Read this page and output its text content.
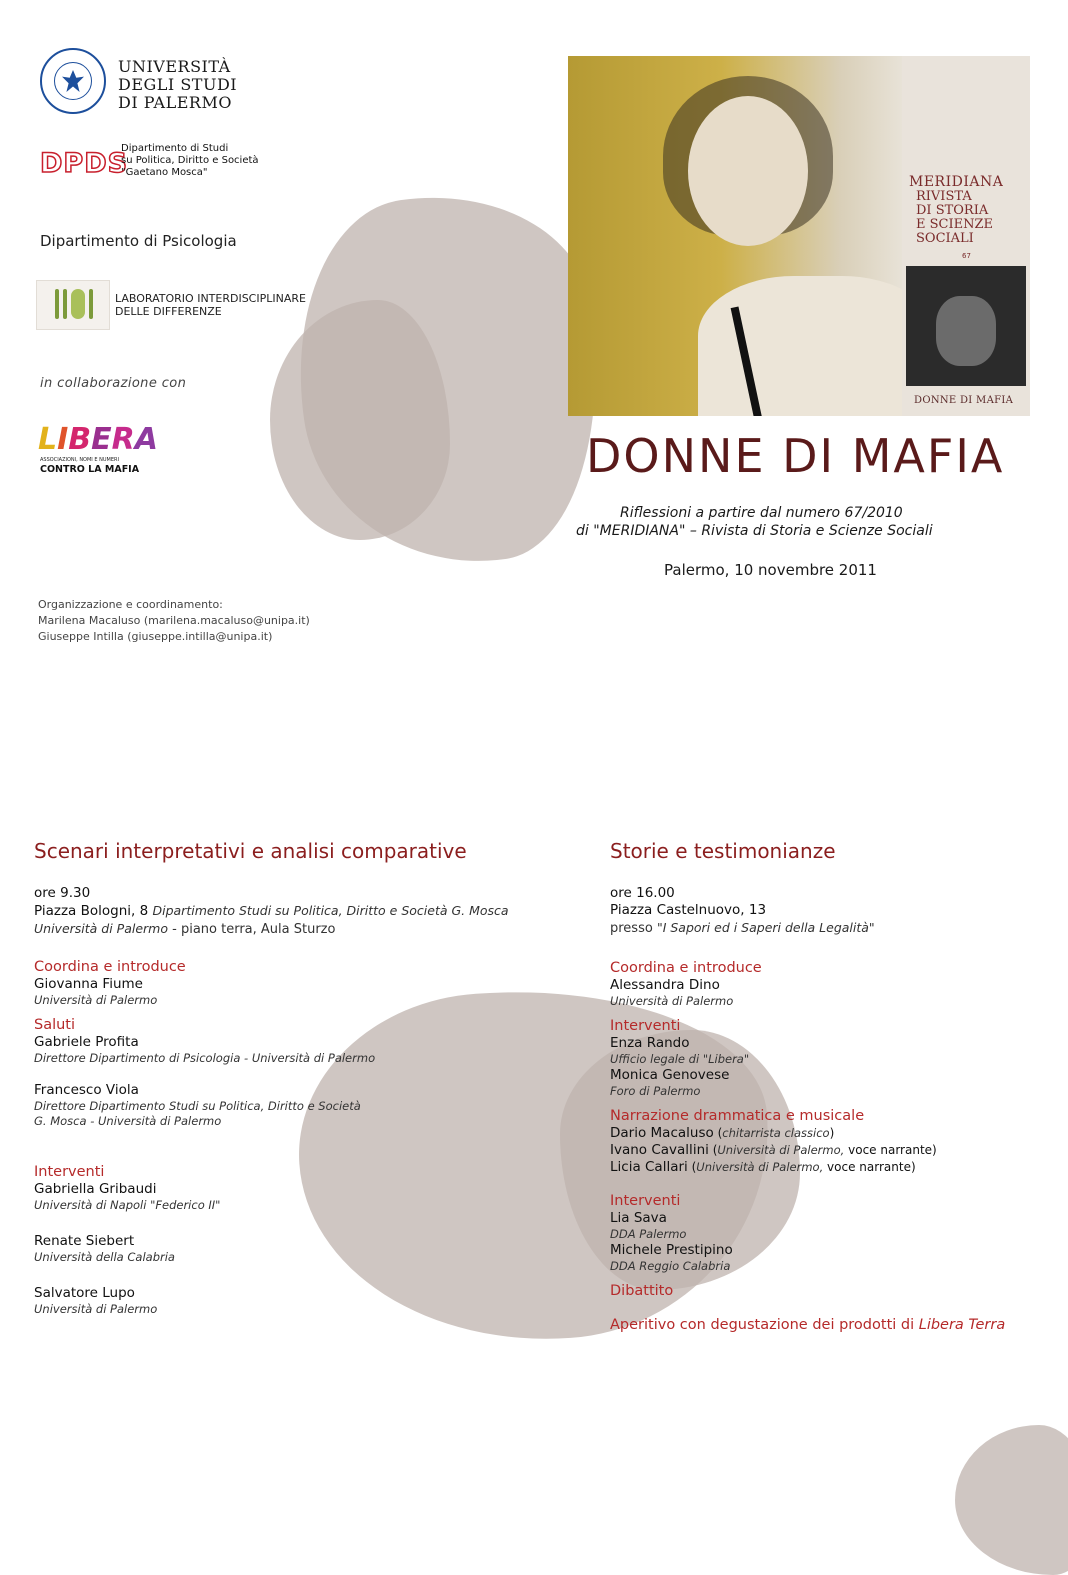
UNIVERSITÀ
DEGLI STUDI
DI PALERMO
DPDS
Dipartimento di Studi
su Politica, Diritto e Società
"Gaetano Mosca"
Dipartimento di Psicologia
LABORATORIO INTERDISCIPLINARE
DELLE DIFFERENZE
in collaborazione con
LIBERA
ASSOCIAZIONI, NOMI E NUMERI
CONTRO LA MAFIA
MERIDIANA
RIVISTA
DI STORIA
E SCIENZE
SOCIALI
67
DONNE DI MAFIA
DONNE DI MAFIA
Riflessioni a partire dal numero 67/2010
di "MERIDIANA" – Rivista di Storia e Scienze Sociali
Palermo, 10 novembre 2011
Organizzazione e coordinamento:
Marilena Macaluso (marilena.macaluso@unipa.it)
Giuseppe Intilla (giuseppe.intilla@unipa.it)
Scenari interpretativi e analisi comparative
ore 9.30
Piazza Bologni, 8 Dipartimento Studi su Politica, Diritto e Società G. Mosca
Università di Palermo - piano terra, Aula Sturzo
Coordina e introduce
Giovanna Fiume
Università di Palermo
Saluti
Gabriele Profita
Direttore Dipartimento di Psicologia - Università di Palermo
Francesco Viola
Direttore Dipartimento Studi su Politica, Diritto e Società
G. Mosca - Università di Palermo
Interventi
Gabriella Gribaudi
Università di Napoli "Federico II"
Renate Siebert
Università della Calabria
Salvatore Lupo
Università di Palermo
Storie e testimonianze
ore 16.00
Piazza Castelnuovo, 13
presso "I Sapori ed i Saperi della Legalità"
Coordina e introduce
Alessandra Dino
Università di Palermo
Interventi
Enza Rando
Ufficio legale di "Libera"
Monica Genovese
Foro di Palermo
Narrazione drammatica e musicale
Dario Macaluso (chitarrista classico)
Ivano Cavallini (Università di Palermo, voce narrante)
Licia Callari (Università di Palermo, voce narrante)
Interventi
Lia Sava
DDA Palermo
Michele Prestipino
DDA Reggio Calabria
Dibattito
Aperitivo con degustazione dei prodotti di Libera Terra
